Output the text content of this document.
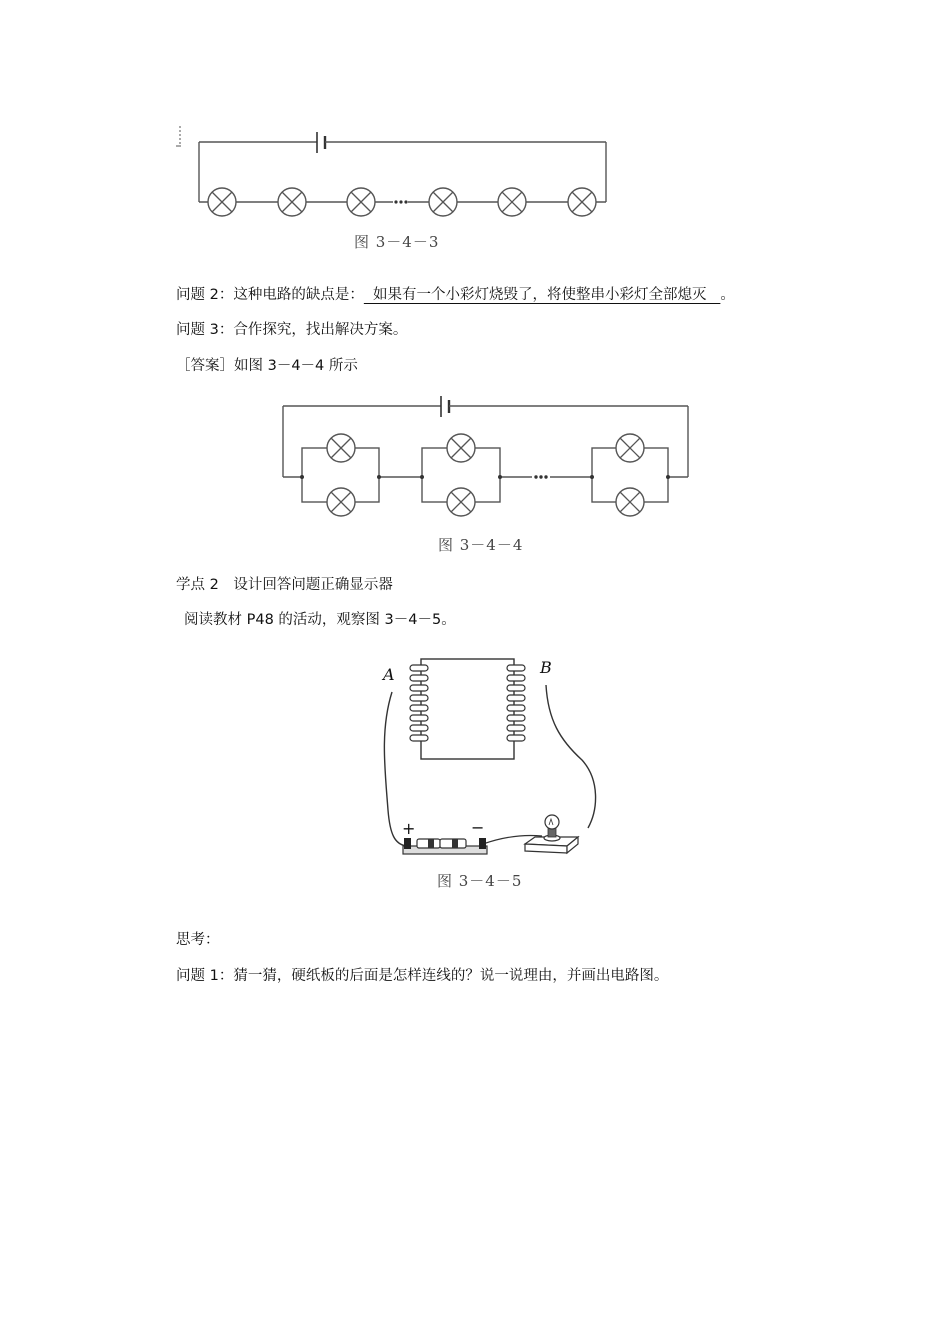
图 3－4－3
问题 2：这种电路的缺点是：  如果有一个小彩灯烧毁了，将使整串小彩灯全部熄灭   。
问题 3：合作探究，找出解决方案。
［答案］如图 3－4－4 所示
图 3－4－4
学点 2　设计回答问题正确显示器
阅读教材 P48 的活动，观察图 3－4－5。
A	B
+	−
图 3－4－5
思考：
问题 1：猜一猜，硬纸板的后面是怎样连线的？说一说理由，并画出电路图。
